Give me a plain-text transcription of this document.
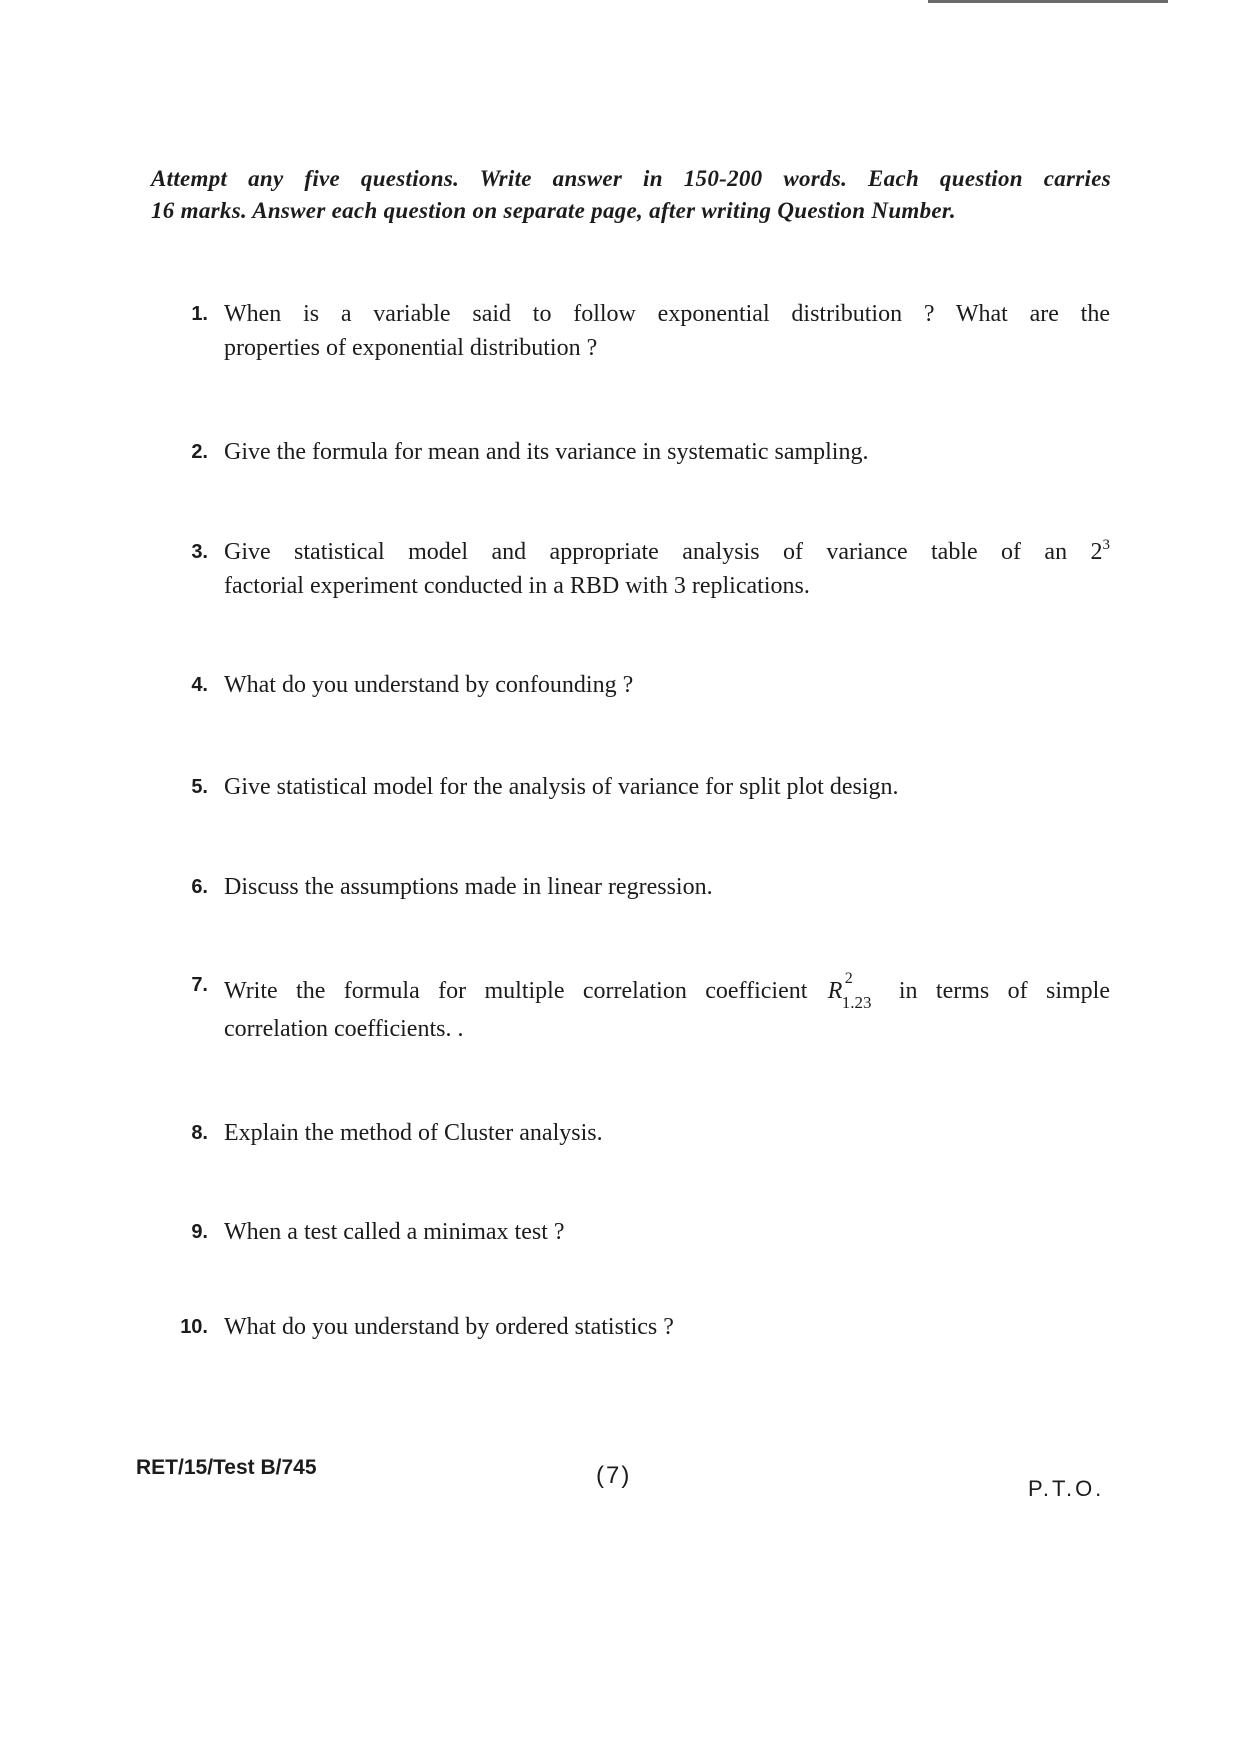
Attempt any five questions. Write answer in 150-200 words. Each question carries
16 marks. Answer each question on separate page, after writing Question Number.
1. When is a variable said to follow exponential distribution ? What are the
properties of exponential distribution ?
2. Give the formula for mean and its variance in systematic sampling.
3. Give statistical model and appropriate analysis of variance table of an $2^3$
factorial experiment conducted in a RBD with 3 replications.
4. What do you understand by confounding ?
5. Give statistical model for the analysis of variance for split plot design.
6. Discuss the assumptions made in linear regression.
7. Write the formula for multiple correlation coefficient R 2
1.23 in terms of simple
correlation coefficients. .
8. Explain the method of Cluster analysis.
9. When a test called a minimax test ?
10. What do you understand by ordered statistics ?
RET/15/Test B/745	(7)	P.T.O.
